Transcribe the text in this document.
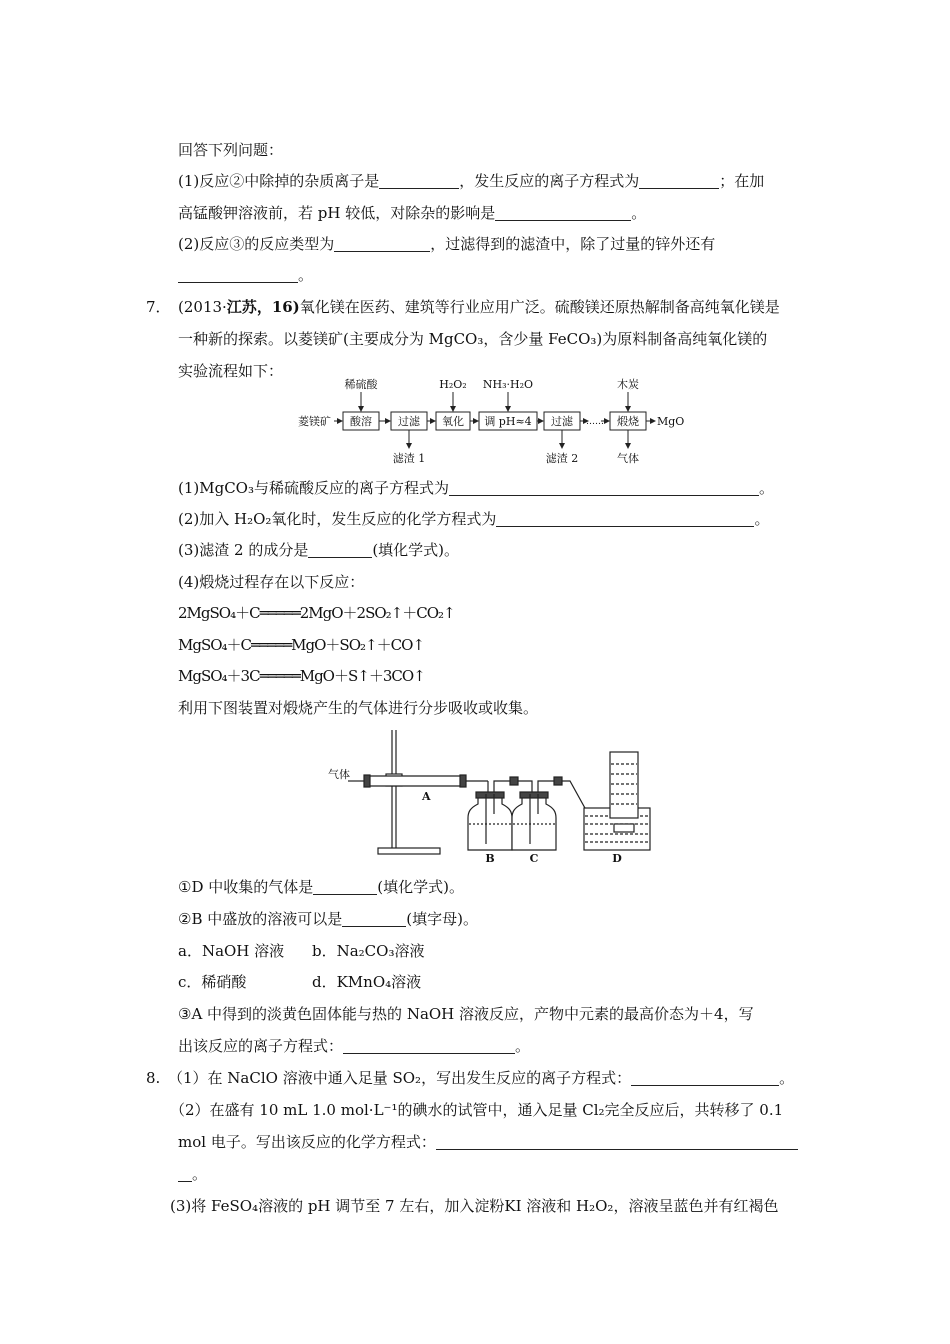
回答下列问题：
(1)反应②中除掉的杂质离子是	，发生反应的离子方程式为	；在加
高锰酸钾溶液前，若 pH 较低，对除杂的影响是	。
(2)反应③的反应类型为	，过滤得到的滤渣中，除了过量的锌外还有
。
7． (2013·江苏，16)氧化镁在医药、建筑等行业应用广泛。硫酸镁还原热解制备高纯氧化镁是
一种新的探索。以菱镁矿(主要成分为 MgCO₃，含少量 FeCO₃)为原料制备高纯氧化镁的
实验流程如下：
菱镁矿 酸溶 过滤 氧化 调 pH≈4 过滤 …… 煅烧 MgO
稀硫酸	H₂O₂ NH₃·H₂O	木炭
滤渣 1	滤渣 2	气体
(1)MgCO₃与稀硫酸反应的离子方程式为	。
(2)加入 H₂O₂氧化时，发生反应的化学方程式为	。
(3)滤渣 2 的成分是	(填化学式)。
(4)煅烧过程存在以下反应：
2MgSO₄＋C═════2MgO＋2SO₂↑＋CO₂↑
MgSO₄＋C═════MgO＋SO₂↑＋CO↑
MgSO₄＋3C═════MgO＋S↑＋3CO↑
利用下图装置对煅烧产生的气体进行分步吸收或收集。
气体
A
B	C	D
①D 中收集的气体是	(填化学式)。
②B 中盛放的溶液可以是	(填字母)。
a．NaOH 溶液 b．Na₂CO₃溶液
c．稀硝酸	d．KMnO₄溶液
③A 中得到的淡黄色固体能与热的 NaOH 溶液反应，产物中元素的最高价态为＋4，写
出该反应的离子方程式：	。
8. （1）在 NaClO 溶液中通入足量 SO₂，写出发生反应的离子方程式：	。
（2）在盛有 10 mL 1.0 mol·L⁻¹的碘水的试管中，通入足量 Cl₂完全反应后，共转移了 0.1
mol 电子。写出该反应的化学方程式：
。
(3)将 FeSO₄溶液的 pH 调节至 7 左右，加入淀粉KI 溶液和 H₂O₂，溶液呈蓝色并有红褐色
